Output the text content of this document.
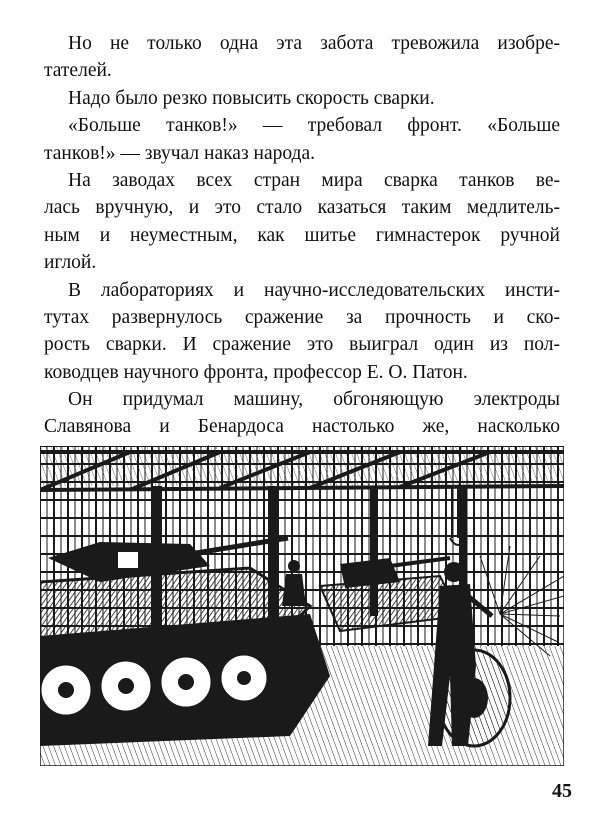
Но не только одна эта забота тревожила изобре-
тателей.
Надо было резко повысить скорость сварки.
«Больше танков!» — требовал фронт. «Больше
танков!» — звучал наказ народа.
На заводах всех стран мира сварка танков ве-
лась вручную, и это стало казаться таким медлитель-
ным и неуместным, как шитье гимнастерок ручной
иглой.
В лабораториях и научно-исследовательских инсти-
тутах развернулось сражение за прочность и ско-
рость сварки. И сражение это выиграл один из пол-
ководцев научного фронта, профессор Е. О. Патон.
Он придумал машину, обгоняющую электроды
Славянова и Бенардоса настолько же, насколько
45
